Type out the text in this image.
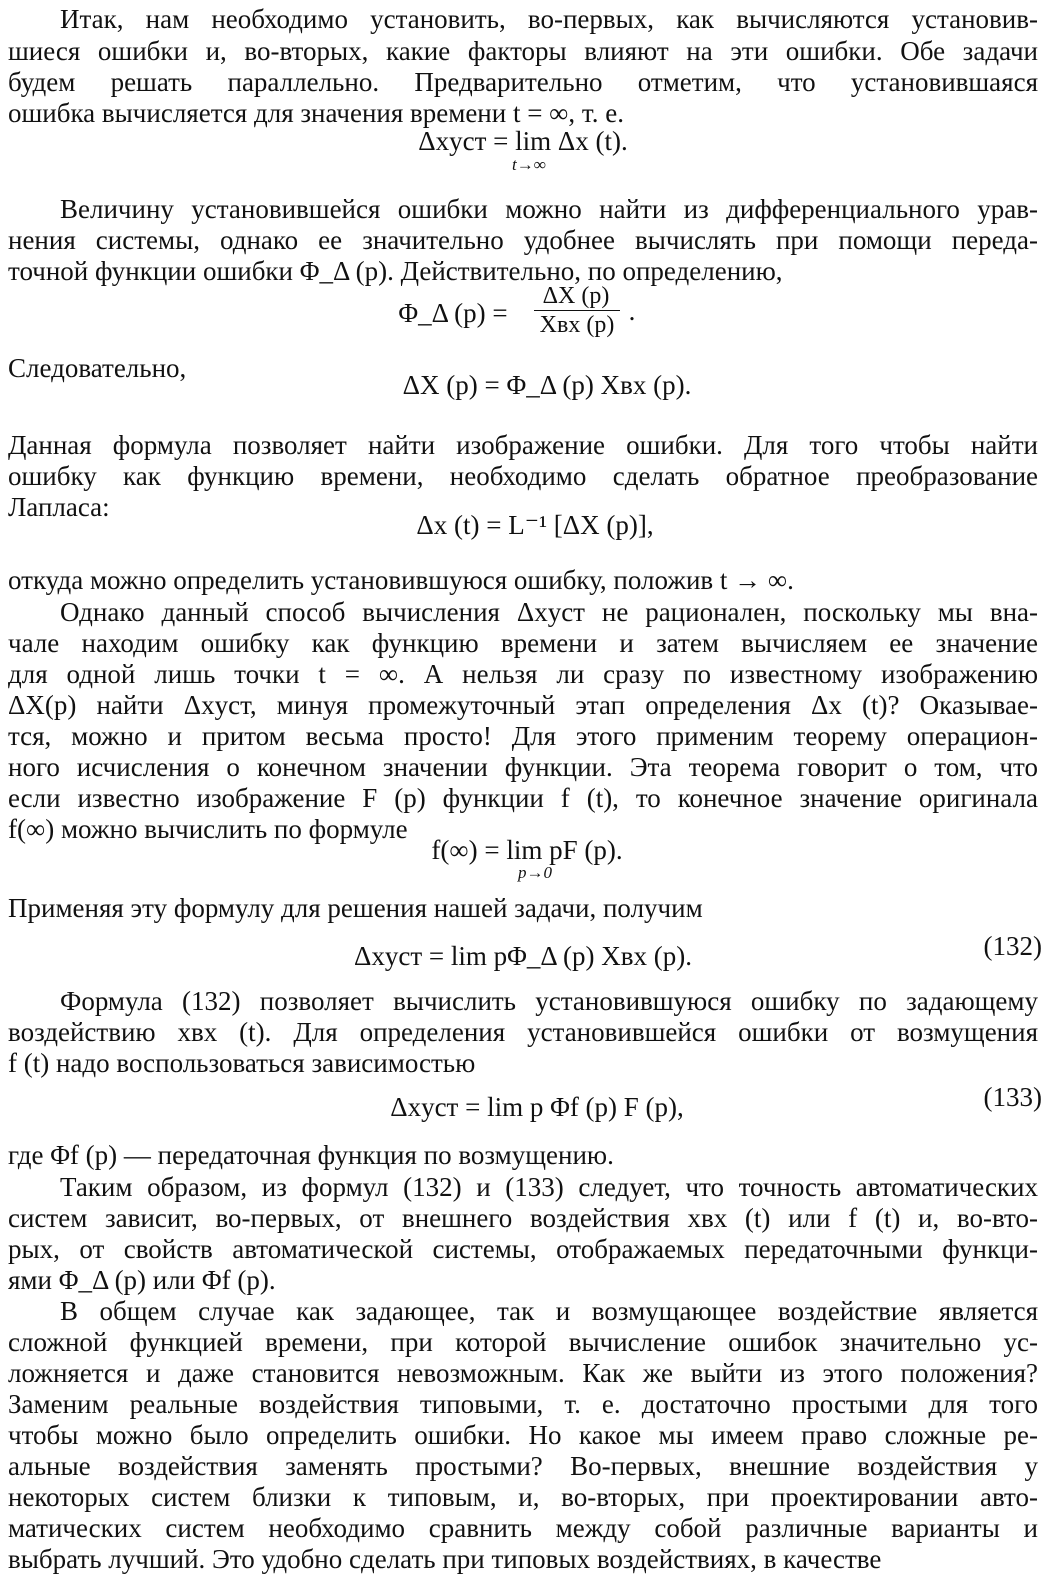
Итак, нам необходимо установить, во-первых, как вычисляются установив-
шиеся ошибки и, во-вторых, какие факторы влияют на эти ошибки. Обе задачи
будем решать параллельно. Предварительно отметим, что установившаяся
ошибка вычисляется для значения времени t = ∞, т. е.
Величину установившейся ошибки можно найти из дифференциального урав-
нения системы, однако ее значительно удобнее вычислять при помощи переда-
точной функции ошибки Φ_Δ (p). Действительно, по определению,
Следовательно,
Данная формула позволяет найти изображение ошибки. Для того чтобы найти
ошибку как функцию времени, необходимо сделать обратное преобразование
Лапласа:
откуда можно определить установившуюся ошибку, положив t → ∞.
Однако данный способ вычисления Δxуст не рационален, поскольку мы вна-
чале находим ошибку как функцию времени и затем вычисляем ее значение
для одной лишь точки t = ∞. А нельзя ли сразу по известному изображению
ΔX(p) найти Δxуст, минуя промежуточный этап определения Δx (t)? Оказывае-
тся, можно и притом весьма просто! Для этого применим теорему операцион-
ного исчисления о конечном значении функции. Эта теорема говорит о том, что
если известно изображение F (p) функции f (t), то конечное значение оригинала
f(∞) можно вычислить по формуле
Применяя эту формулу для решения нашей задачи, получим
Формула (132) позволяет вычислить установившуюся ошибку по задающему
воздействию xвх (t). Для определения установившейся ошибки от возмущения
f (t) надо воспользоваться зависимостью
где Φf (p) — передаточная функция по возмущению.
Таким образом, из формул (132) и (133) следует, что точность автоматических
систем зависит, во-первых, от внешнего воздействия xвх (t) или f (t) и, во-вто-
рых, от свойств автоматической системы, отображаемых передаточными функци-
ями Φ_Δ (p) или Φf (p).
В общем случае как задающее, так и возмущающее воздействие является
сложной функцией времени, при которой вычисление ошибок значительно ус-
ложняется и даже становится невозможным. Как же выйти из этого положения?
Заменим реальные воздействия типовыми, т. е. достаточно простыми для того
чтобы можно было определить ошибки. Но какое мы имеем право сложные ре-
альные воздействия заменять простыми? Во-первых, внешние воздействия у
некоторых систем близки к типовым, и, во-вторых, при проектировании авто-
матических систем необходимо сравнить между собой различные варианты и
выбрать лучший. Это удобно сделать при типовых воздействиях, в качестве
Δxуст = lim Δx (t).
t→∞
Φ_Δ (p) =
ΔX (p)
Xвх (p) .
ΔX (p) = Φ_Δ (p) Xвх (p).
Δx (t) = L⁻¹ [ΔX (p)],
f(∞) = lim pF (p).
p→0
Δxуст = lim pΦ_Δ (p) Xвх (p).	(132)
Δxуст = lim p Φf (p) F (p),	(133)
